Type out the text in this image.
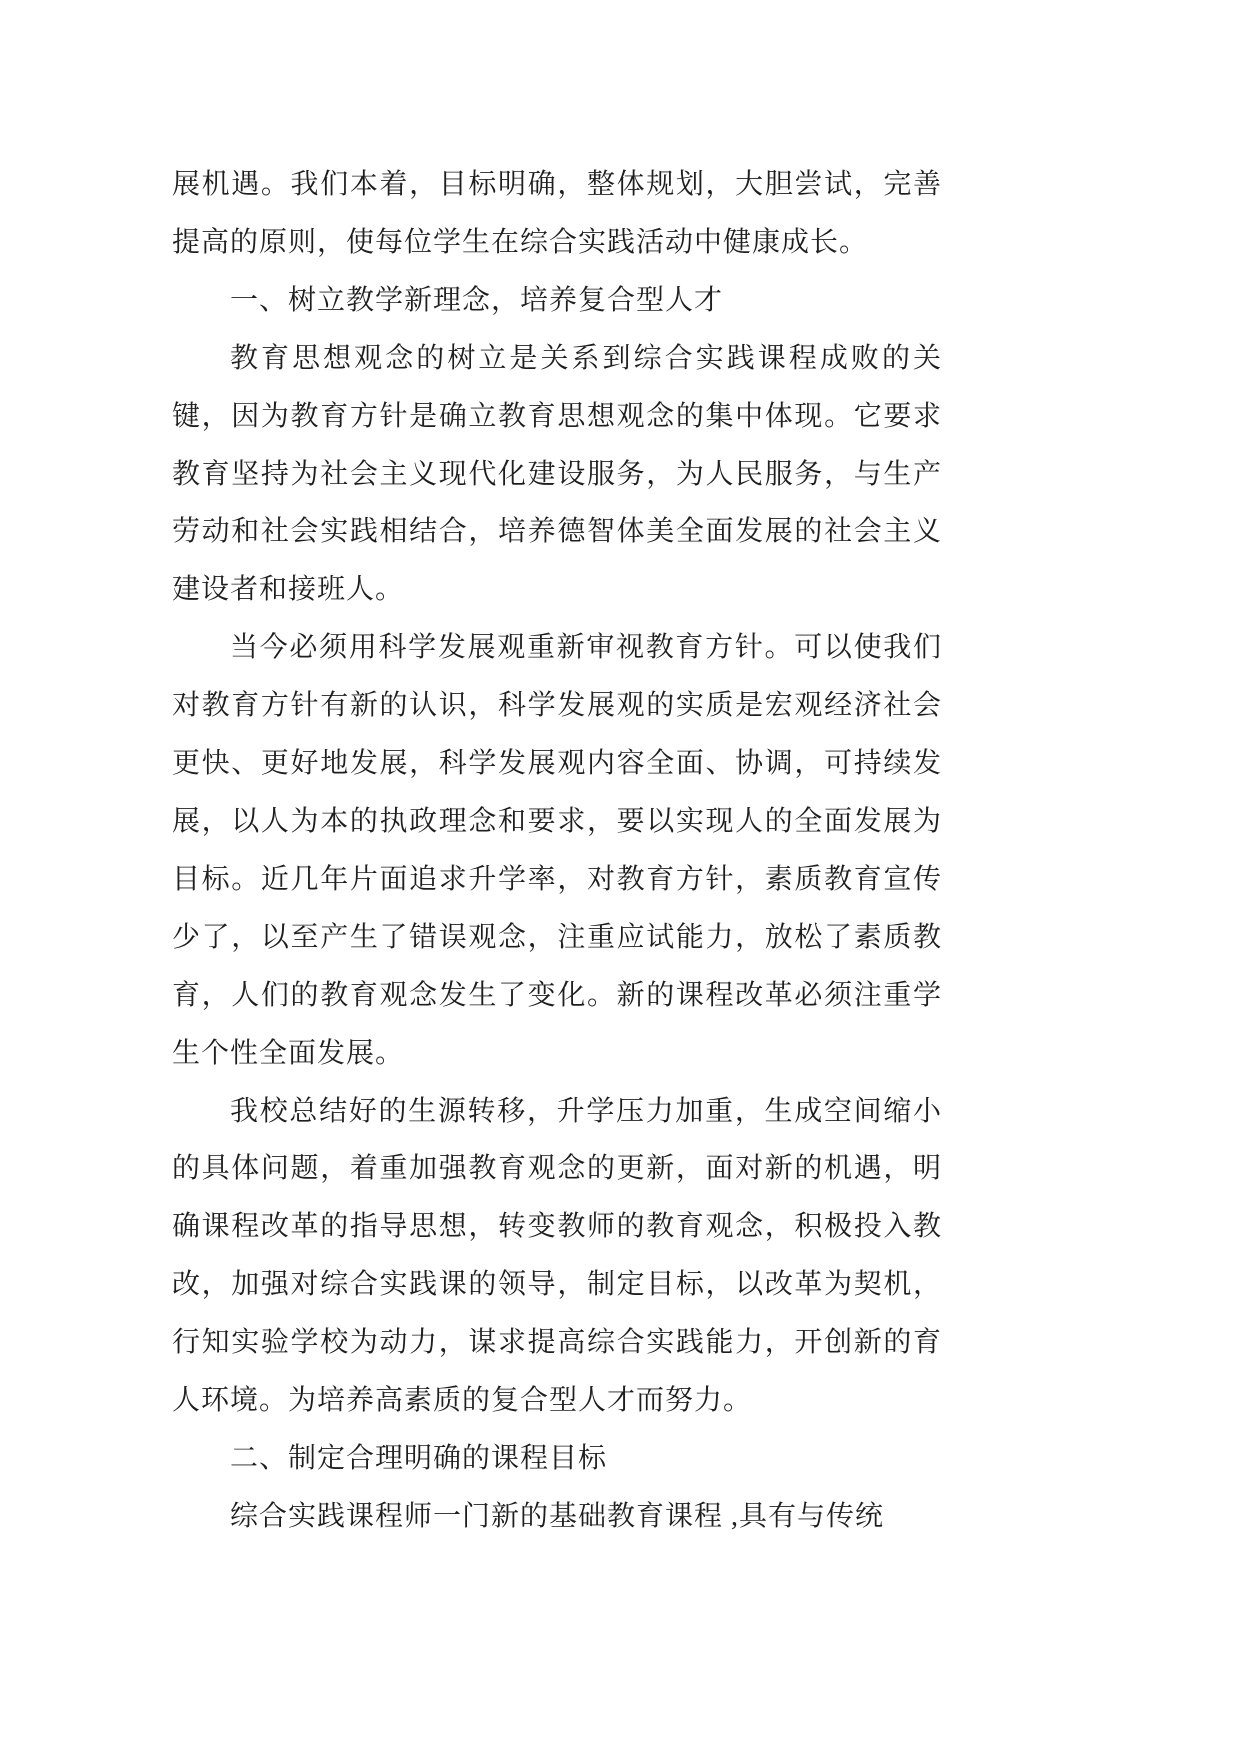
展机遇。我们本着，目标明确，整体规划，大胆尝试，完善
提高的原则，使每位学生在综合实践活动中健康成长。
一、树立教学新理念，培养复合型人才
教育思想观念的树立是关系到综合实践课程成败的关
键，因为教育方针是确立教育思想观念的集中体现。它要求
教育坚持为社会主义现代化建设服务，为人民服务，与生产
劳动和社会实践相结合，培养德智体美全面发展的社会主义
建设者和接班人。
当今必须用科学发展观重新审视教育方针。可以使我们
对教育方针有新的认识，科学发展观的实质是宏观经济社会
更快、更好地发展，科学发展观内容全面、协调，可持续发
展，以人为本的执政理念和要求，要以实现人的全面发展为
目标。近几年片面追求升学率，对教育方针，素质教育宣传
少了，以至产生了错误观念，注重应试能力，放松了素质教
育，人们的教育观念发生了变化。新的课程改革必须注重学
生个性全面发展。
我校总结好的生源转移，升学压力加重，生成空间缩小
的具体问题，着重加强教育观念的更新，面对新的机遇，明
确课程改革的指导思想，转变教师的教育观念，积极投入教
改，加强对综合实践课的领导，制定目标，以改革为契机，
行知实验学校为动力，谋求提高综合实践能力，开创新的育
人环境。为培养高素质的复合型人才而努力。
二、制定合理明确的课程目标
综合实践课程师一门新的基础教育课程 ,具有与传统
